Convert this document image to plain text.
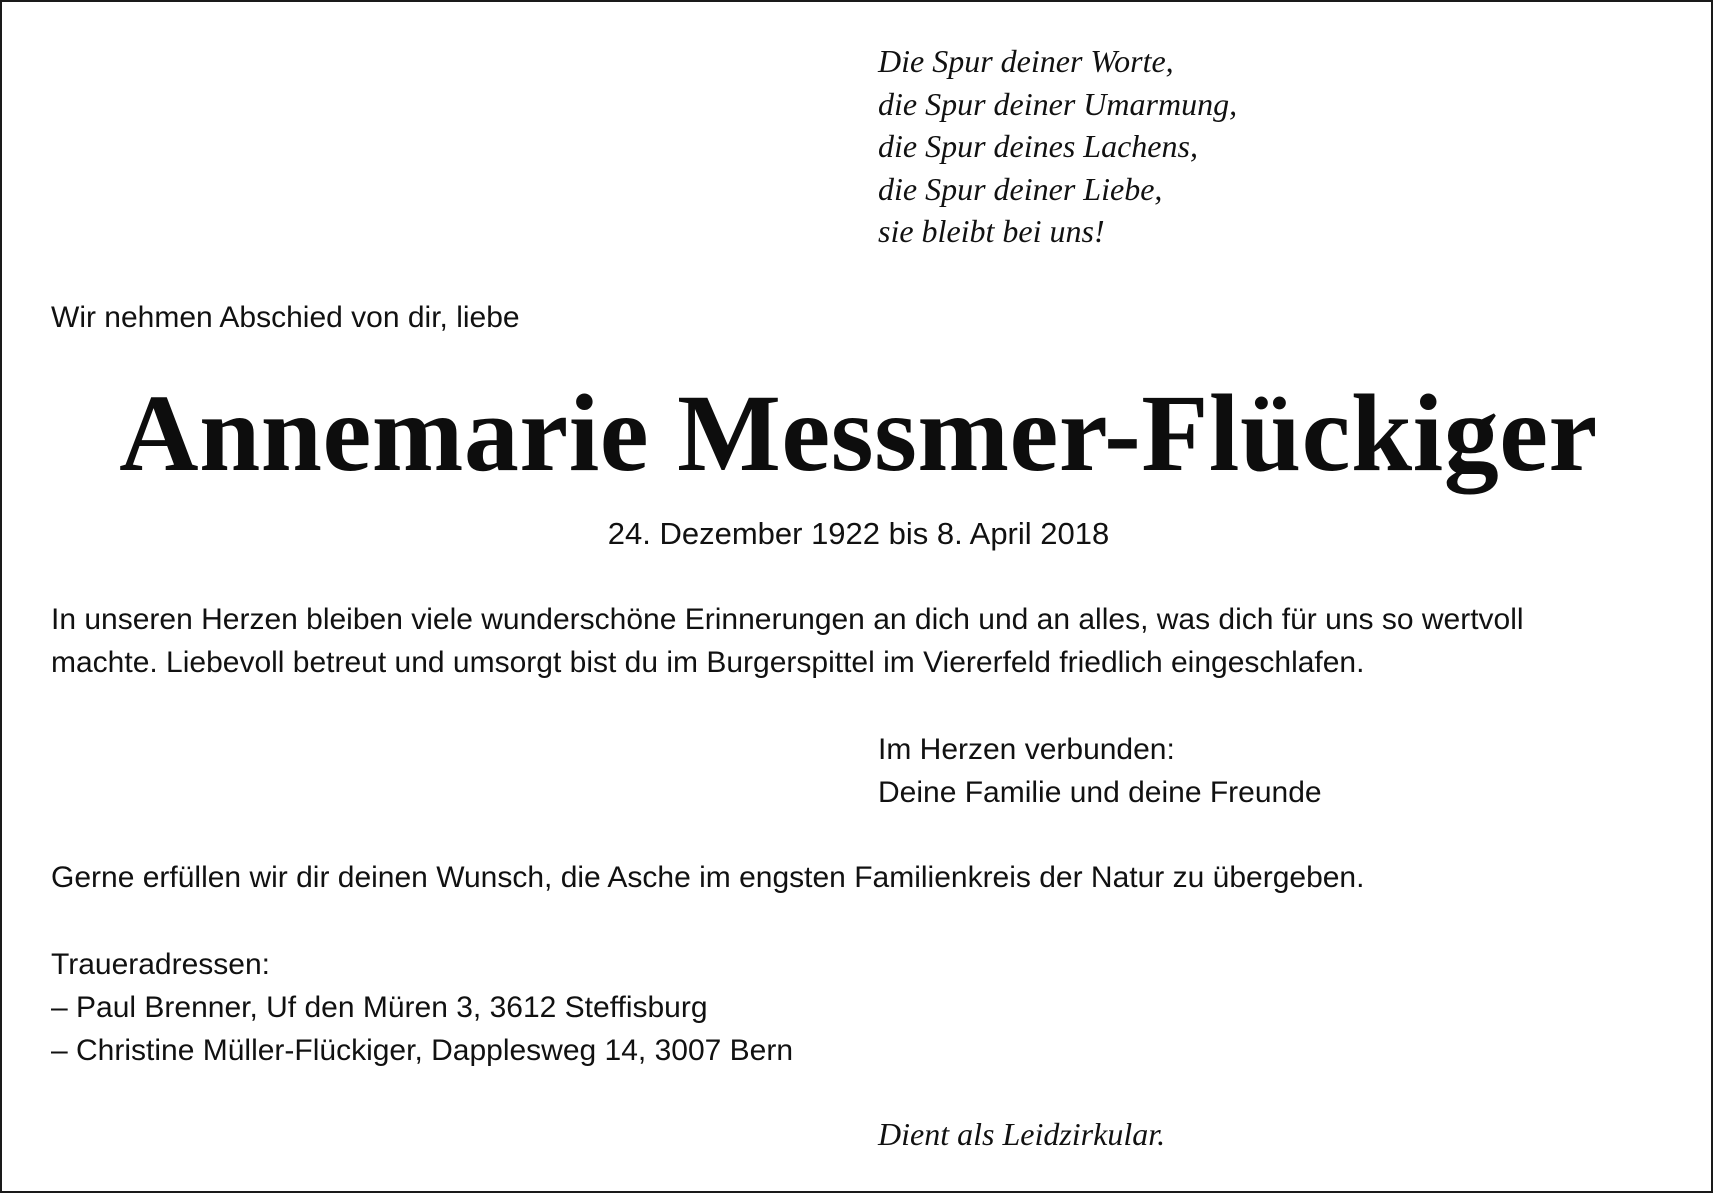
Die Spur deiner Worte,
die Spur deiner Umarmung,
die Spur deines Lachens,
die Spur deiner Liebe,
sie bleibt bei uns!

Wir nehmen Abschied von dir, liebe

Annemarie Messmer-Flückiger

24. Dezember 1922 bis 8. April 2018

In unseren Herzen bleiben viele wunderschöne Erinnerungen an dich und an alles, was dich für uns so wertvoll
machte. Liebevoll betreut und umsorgt bist du im Burgerspittel im Viererfeld friedlich eingeschlafen.
Im Herzen verbunden:
Deine Familie und deine Freunde

Gerne erfüllen wir dir deinen Wunsch, die Asche im engsten Familienkreis der Natur zu übergeben.

Traueradressen:
– Paul Brenner, Uf den Müren 3, 3612 Steffisburg
– Christine Müller-Flückiger, Dapplesweg 14, 3007 Bern

Dient als Leidzirkular.
